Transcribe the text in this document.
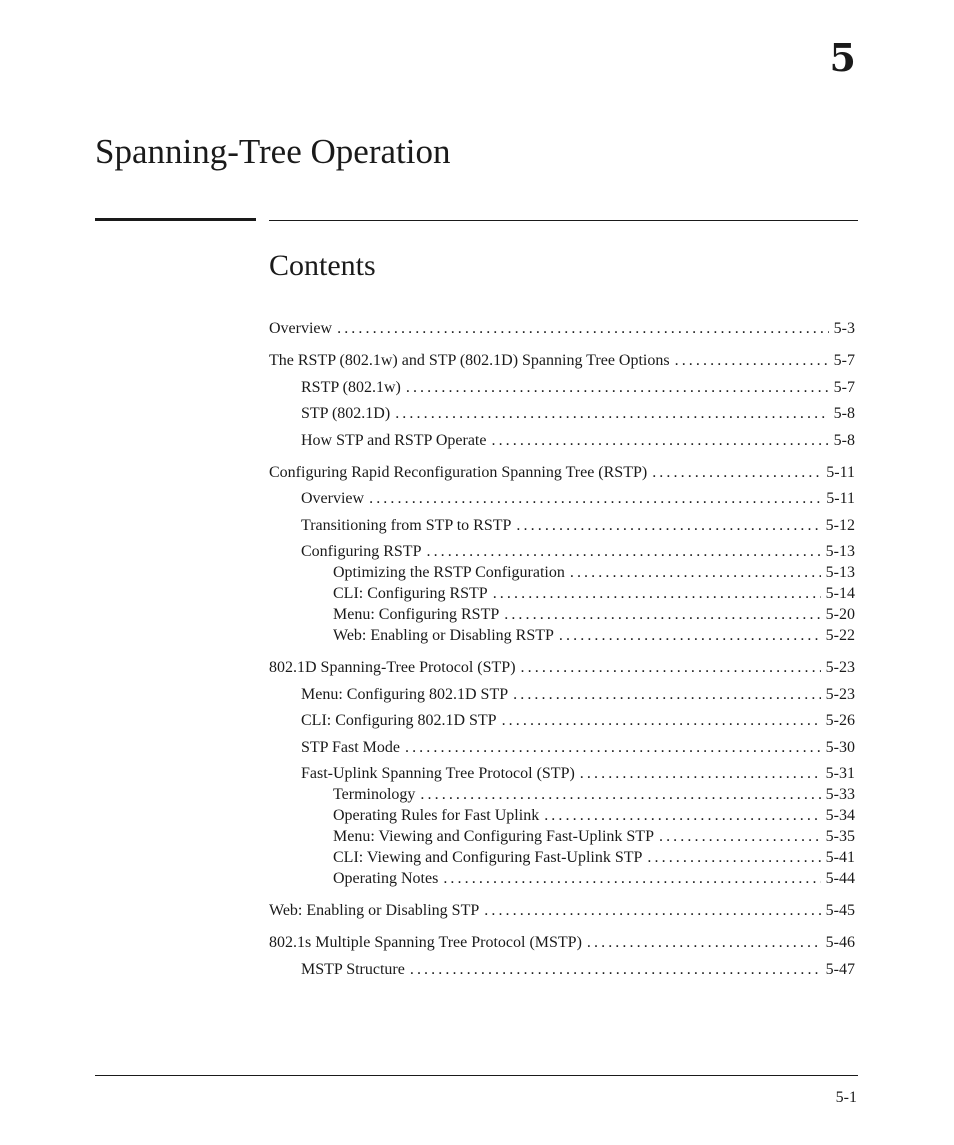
5
Spanning-Tree Operation
Contents
Overview . . .	5-3
The RSTP (802.1w) and STP (802.1D) Spanning Tree Options . . .	5-7
RSTP (802.1w) . . .	5-7
STP (802.1D) . . .	5-8
How STP and RSTP Operate . . .	5-8
Configuring Rapid Reconfiguration Spanning Tree (RSTP) . . .	5-11
Overview . . .	5-11
Transitioning from STP to RSTP . . .	5-12
Configuring RSTP . . .	5-13
Optimizing the RSTP Configuration . . .	5-13
CLI: Configuring RSTP . . .	5-14
Menu: Configuring RSTP . . .	5-20
Web: Enabling or Disabling RSTP . . .	5-22
802.1D Spanning-Tree Protocol (STP) . . .	5-23
Menu: Configuring 802.1D STP . . .	5-23
CLI: Configuring 802.1D STP . . .	5-26
STP Fast Mode . . .	5-30
Fast-Uplink Spanning Tree Protocol (STP) . . .	5-31
Terminology . . .	5-33
Operating Rules for Fast Uplink . . .	5-34
Menu: Viewing and Configuring Fast-Uplink STP . . .	5-35
CLI: Viewing and Configuring Fast-Uplink STP . . .	5-41
Operating Notes . . .	5-44
Web: Enabling or Disabling STP . . .	5-45
802.1s Multiple Spanning Tree Protocol (MSTP) . . .	5-46
MSTP Structure . . .	5-47
5-1
